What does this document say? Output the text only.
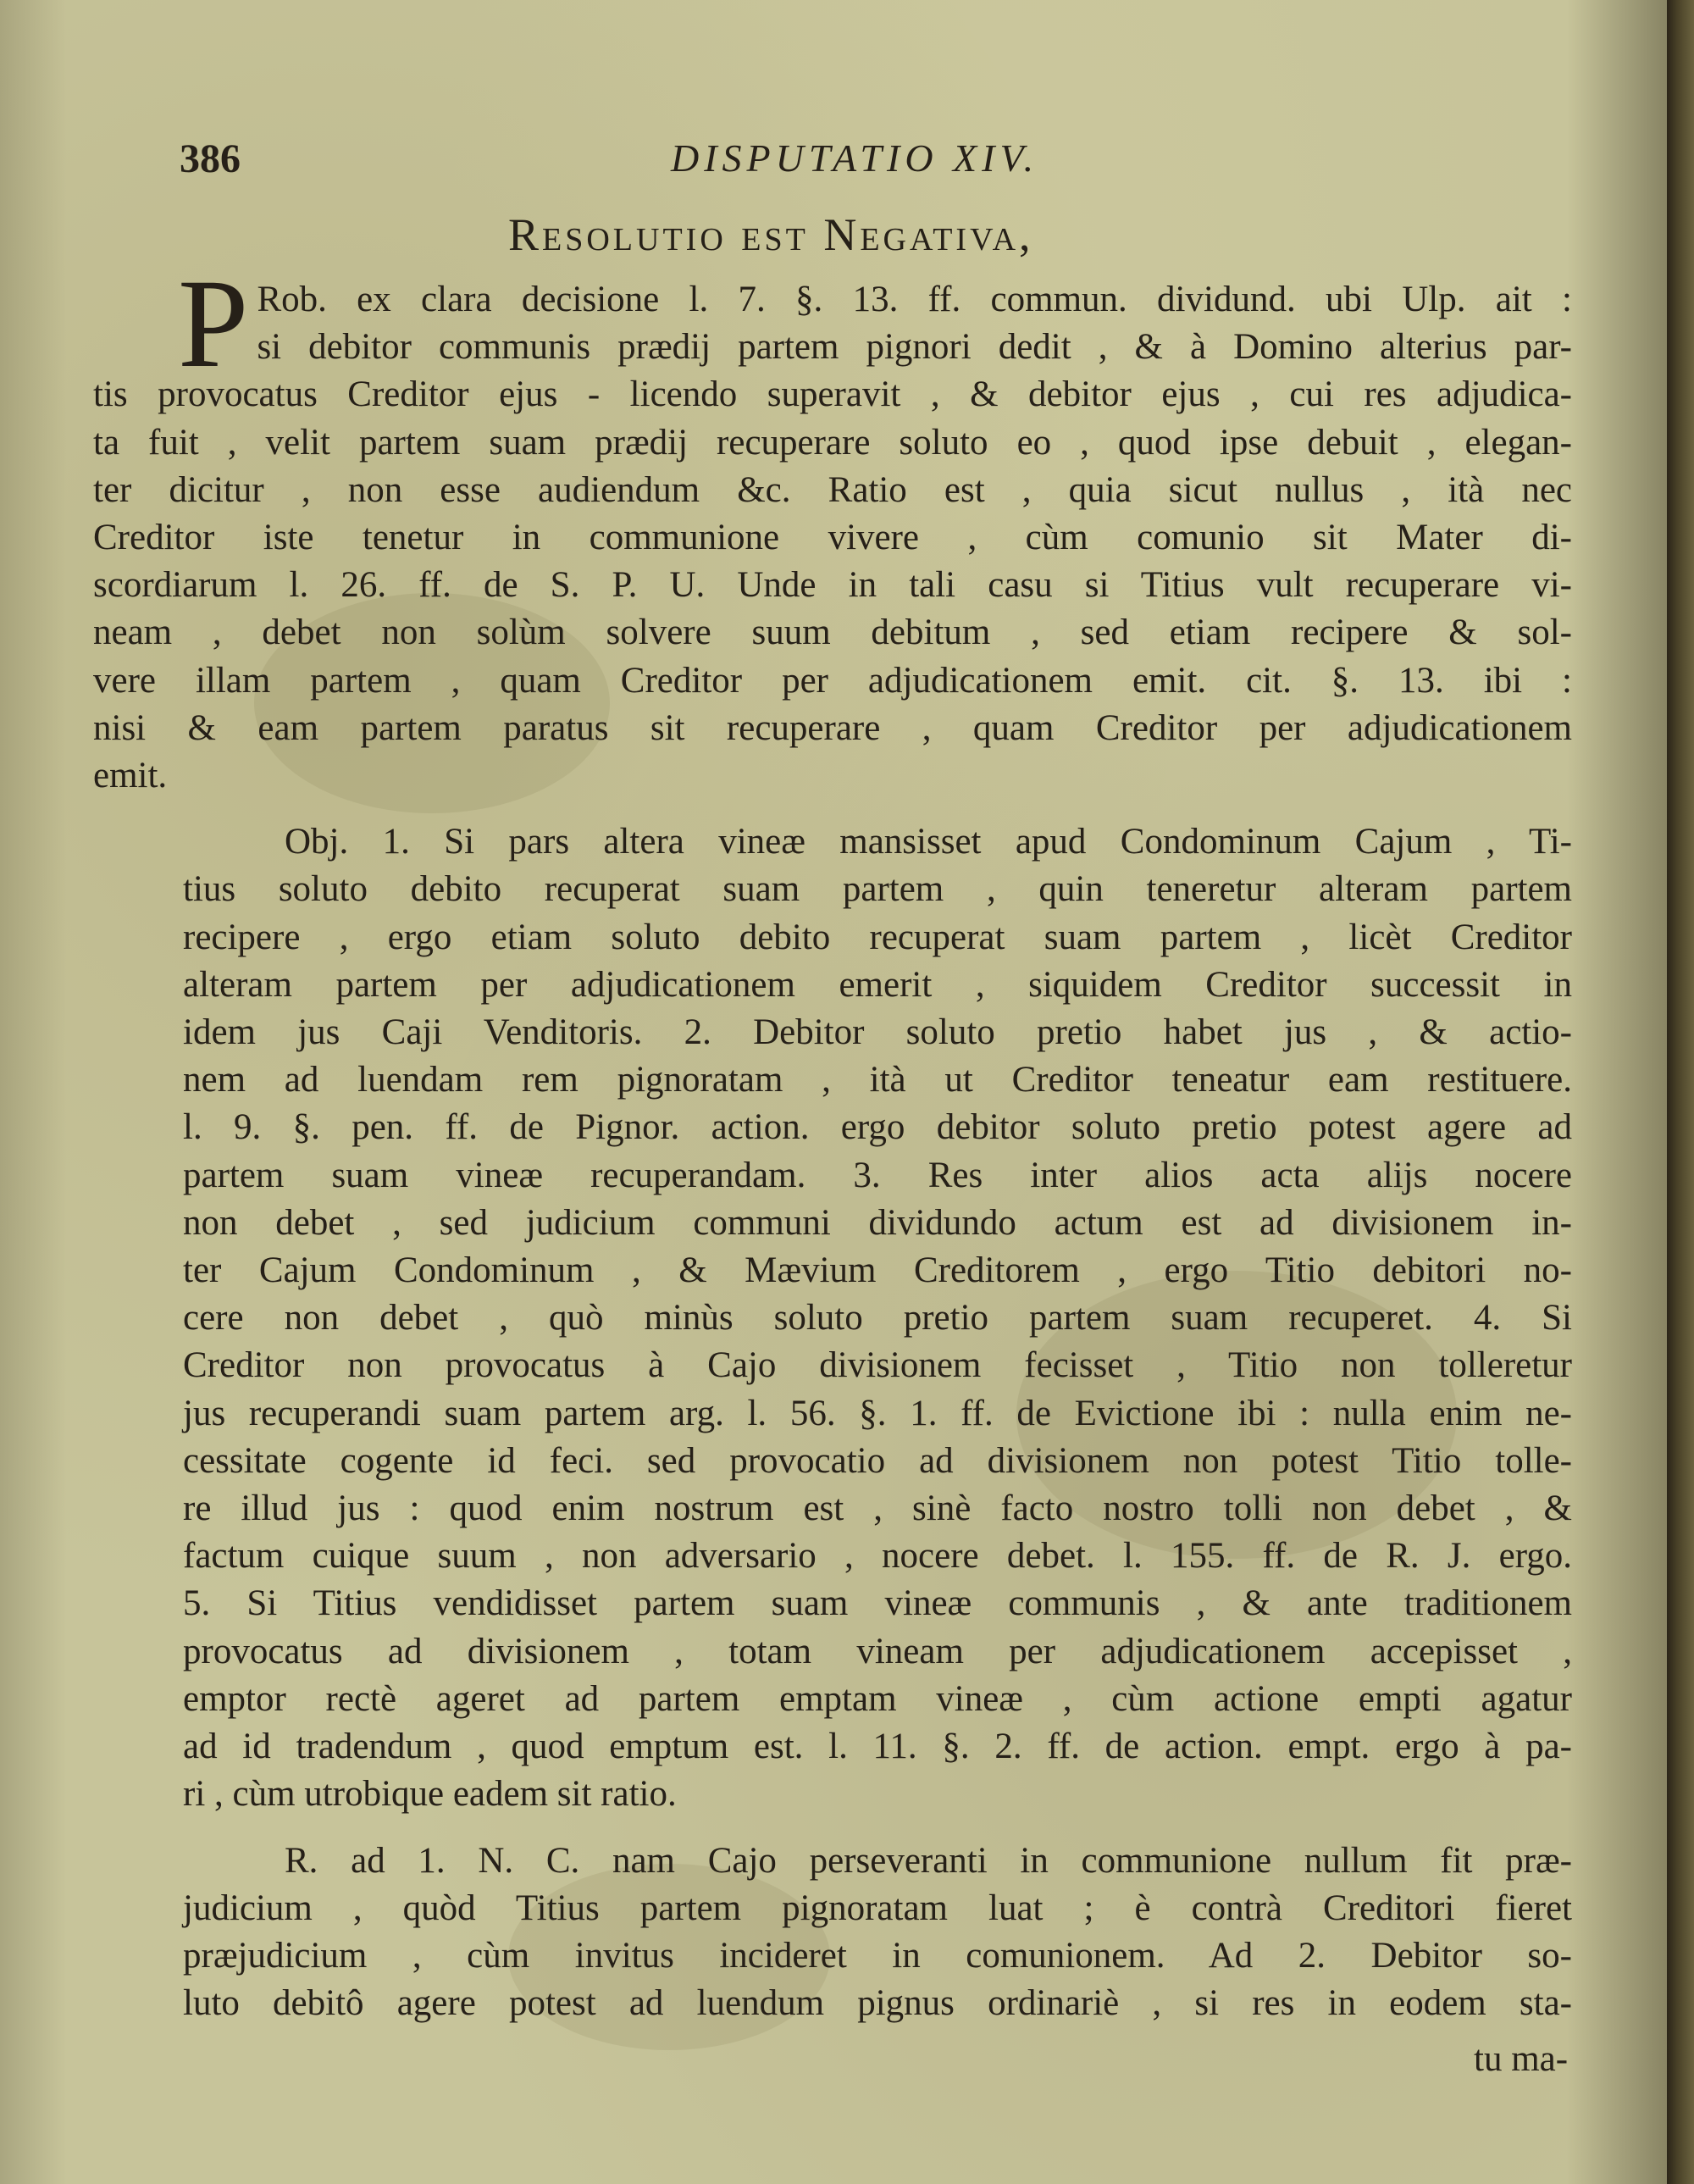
386	DISPUTATIO XIV.
Resolutio est Negativa,
P Rob. ex clara decisione l. 7. §. 13. ff. commun. dividund. ubi Ulp. ait :
si debitor communis prædij partem pignori dedit , & à Domino alterius par-
tis provocatus Creditor ejus - licendo superavit , & debitor ejus , cui res adjudica-
ta fuit , velit partem suam prædij recuperare soluto eo , quod ipse debuit , elegan-
ter dicitur , non esse audiendum &c. Ratio est , quia sicut nullus , ità nec
Creditor iste tenetur in communione vivere , cùm comunio sit Mater di-
scordiarum l. 26. ff. de S. P. U. Unde in tali casu si Titius vult recuperare vi-
neam , debet non solùm solvere suum debitum , sed etiam recipere & sol-
vere illam partem , quam Creditor per adjudicationem emit. cit. §. 13. ibi :
nisi & eam partem paratus sit recuperare , quam Creditor per adjudicationem
emit.
Obj. 1. Si pars altera vineæ mansisset apud Condominum Cajum , Ti-
tius soluto debito recuperat suam partem , quin teneretur alteram partem
recipere , ergo etiam soluto debito recuperat suam partem , licèt Creditor
alteram partem per adjudicationem emerit , siquidem Creditor successit in
idem jus Caji Venditoris. 2. Debitor soluto pretio habet jus , & actio-
nem ad luendam rem pignoratam , ità ut Creditor teneatur eam restituere.
l. 9. §. pen. ff. de Pignor. action. ergo debitor soluto pretio potest agere ad
partem suam vineæ recuperandam. 3. Res inter alios acta alijs nocere
non debet , sed judicium communi dividundo actum est ad divisionem in-
ter Cajum Condominum , & Mævium Creditorem , ergo Titio debitori no-
cere non debet , quò minùs soluto pretio partem suam recuperet. 4. Si
Creditor non provocatus à Cajo divisionem fecisset , Titio non tolleretur
jus recuperandi suam partem arg. l. 56. §. 1. ff. de Evictione ibi : nulla enim ne-
cessitate cogente id feci. sed provocatio ad divisionem non potest Titio tolle-
re illud jus : quod enim nostrum est , sinè facto nostro tolli non debet , &
factum cuique suum , non adversario , nocere debet. l. 155. ff. de R. J. ergo.
5. Si Titius vendidisset partem suam vineæ communis , & ante traditionem
provocatus ad divisionem , totam vineam per adjudicationem accepisset ,
emptor rectè ageret ad partem emptam vineæ , cùm actione empti agatur
ad id tradendum , quod emptum est. l. 11. §. 2. ff. de action. empt. ergo à pa-
ri , cùm utrobique eadem sit ratio.
R. ad 1. N. C. nam Cajo perseveranti in communione nullum fit præ-
judicium , quòd Titius partem pignoratam luat ; è contrà Creditori fieret
præjudicium , cùm invitus incideret in comunionem. Ad 2. Debitor so-
luto debitô agere potest ad luendum pignus ordinariè , si res in eodem sta-
tu ma-
